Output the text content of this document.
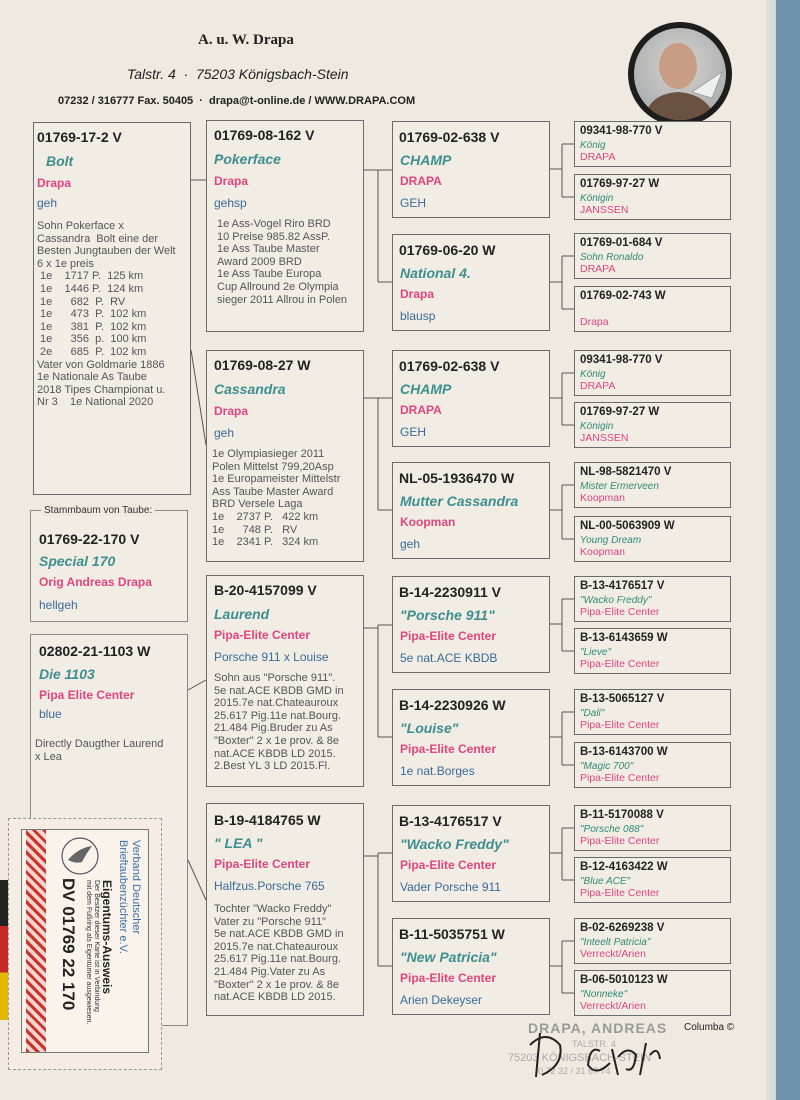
A. u. W. Drapa
Talstr. 4  ·  75203 Königsbach-Stein
07232 / 316777 Fax. 50405  ·  drapa@t-online.de / WWW.DRAPA.COM
01769-17-2 V
Bolt
Drapa
geh
Sohn Pokerface x
Cassandra  Bolt eine der
Besten Jungtauben der Welt
6 x 1e preis
1e    1717 P.  125 km
1e    1446 P.  124 km
1e      682  P.  RV
1e      473  P.  102 km
1e      381  P.  102 km
1e      356  p.  100 km
2e      685  P.  102 km
Vater von Goldmarie 1886
1e Nationale As Taube
2018 Tipes Championat u.
Nr 3    1e National 2020
Stammbaum von Taube:
01769-22-170 V
Special 170
Orig Andreas Drapa
hellgeh
02802-21-1103 W
Die 1103
Pipa Elite Center
blue
Directly Daugther Laurend
x Lea
01769-08-162 V
Pokerface
Drapa
gehsp
1e Ass-Vogel Riro BRD
10 Preise 985.82 AssP.
1e Ass Taube Master
Award 2009 BRD
1e Ass Taube Europa
Cup Allround 2e Olympia
sieger 2011 Allrou in Polen
01769-08-27 W
Cassandra
Drapa
geh
1e Olympiasieger 2011
Polen Mittelst 799,20Asp
1e Europameister Mittelstr
Ass Taube Master Award
BRD Versele Laga
1e    2737 P.   422 km
1e      748 P.   RV
1e    2341 P.   324 km
B-20-4157099 V
Laurend
Pipa-Elite Center
Porsche 911 x Louise
Sohn aus "Porsche 911".
5e nat.ACE KBDB GMD in
2015.7e nat.Chateauroux
25.617 Pig.11e nat.Bourg.
21.484 Pig.Bruder zu As
"Boxter" 2 x 1e prov. & 8e
nat.ACE KBDB LD 2015.
2.Best YL 3 LD 2015.Fl.
B-19-4184765 W
" LEA "
Pipa-Elite Center
Halfzus.Porsche 765
Tochter "Wacko Freddy"
Vater zu "Porsche 911"
5e nat.ACE KBDB GMD in
2015.7e nat.Chateauroux
25.617 Pig.11e nat.Bourg.
21.484 Pig.Vater zu As
"Boxter" 2 x 1e prov. & 8e
nat.ACE KBDB LD 2015.
01769-02-638 V
CHAMP
DRAPA
GEH
01769-06-20 W
National 4.
Drapa
blausp
01769-02-638 V
CHAMP
DRAPA
GEH
NL-05-1936470 W
Mutter Cassandra
Koopman
geh
B-14-2230911 V
"Porsche 911"
Pipa-Elite Center
5e nat.ACE KBDB
B-14-2230926 W
"Louise"
Pipa-Elite Center
1e nat.Borges
B-13-4176517 V
"Wacko Freddy"
Pipa-Elite Center
Vader Porsche 911
B-11-5035751 W
"New Patricia"
Pipa-Elite Center
Arien Dekeyser
09341-98-770 V
König
DRAPA
01769-97-27 W
Königin
JANSSEN
01769-01-684 V
Sohn Ronaldo
DRAPA
01769-02-743 W
Drapa
09341-98-770 V
König
DRAPA
01769-97-27 W
Königin
JANSSEN
NL-98-5821470 V
Mister Ermerveen
Koopman
NL-00-5063909 W
Young Dream
Koopman
B-13-4176517 V
"Wacko Freddy"
Pipa-Elite Center
B-13-6143659 W
"Lieve"
Pipa-Elite Center
B-13-5065127 V
"Dali"
Pipa-Elite Center
B-13-6143700 W
"Magic 700"
Pipa-Elite Center
B-11-5170088 V
"Porsche 088"
Pipa-Elite Center
B-12-4163422 W
"Blue ACE"
Pipa-Elite Center
B-02-6269238 V
"Inteelt Patricia"
Verreckt/Arien
B-06-5010123 W
"Nonneke"
Verreckt/Arien
Verband Deutscher
Brieftaubenzüchter e.V.
Eigentums-Ausweis
Der Besitzer dieser Karte ist in Verbindung
mit dem Fußring als Eigentümer ausgewiesen.
DV 01769 22 170
DRAPA, ANDREAS
TALSTR. 4
75203 KÖNIGSBACH-STEIN
0 72 32 / 31 67 74
Columba ©
